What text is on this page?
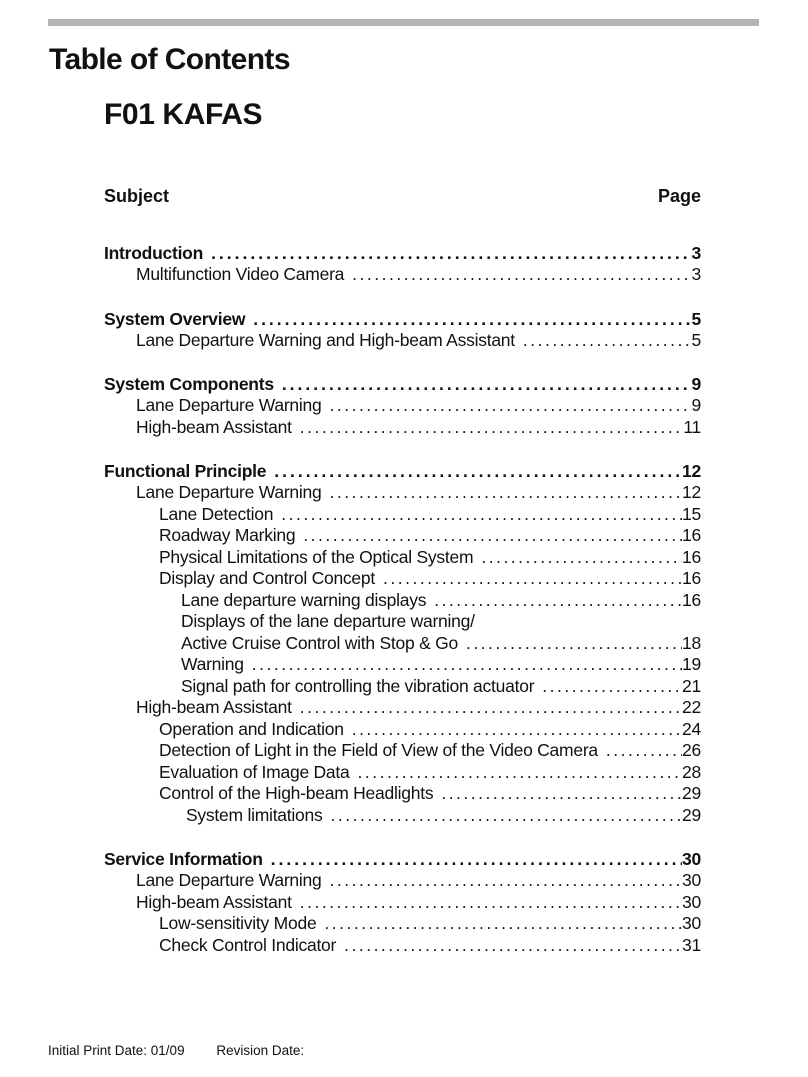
Table of Contents
F01 KAFAS
Subject	Page
Introduction .....	3
Multifunction Video Camera .....	3
System Overview .....	5
Lane Departure Warning and High-beam Assistant .....	5
System Components .....	9
Lane Departure Warning .....	9
High-beam Assistant .....	11
Functional Principle .....	12
Lane Departure Warning .....	12
Lane Detection .....	15
Roadway Marking .....	16
Physical Limitations of the Optical System .....	16
Display and Control Concept .....	16
Lane departure warning displays .....	16
Displays of the lane departure warning/
Active Cruise Control with Stop & Go .....	18
Warning .....	19
Signal path for controlling the vibration actuator .....	21
High-beam Assistant .....	22
Operation and Indication .....	24
Detection of Light in the Field of View of the Video Camera .....	26
Evaluation of Image Data .....	28
Control of the High-beam Headlights .....	29
System limitations .....	29
Service Information .....	30
Lane Departure Warning .....	30
High-beam Assistant .....	30
Low-sensitivity Mode .....	30
Check Control Indicator .....	31
Initial Print Date: 01/09 Revision Date:
